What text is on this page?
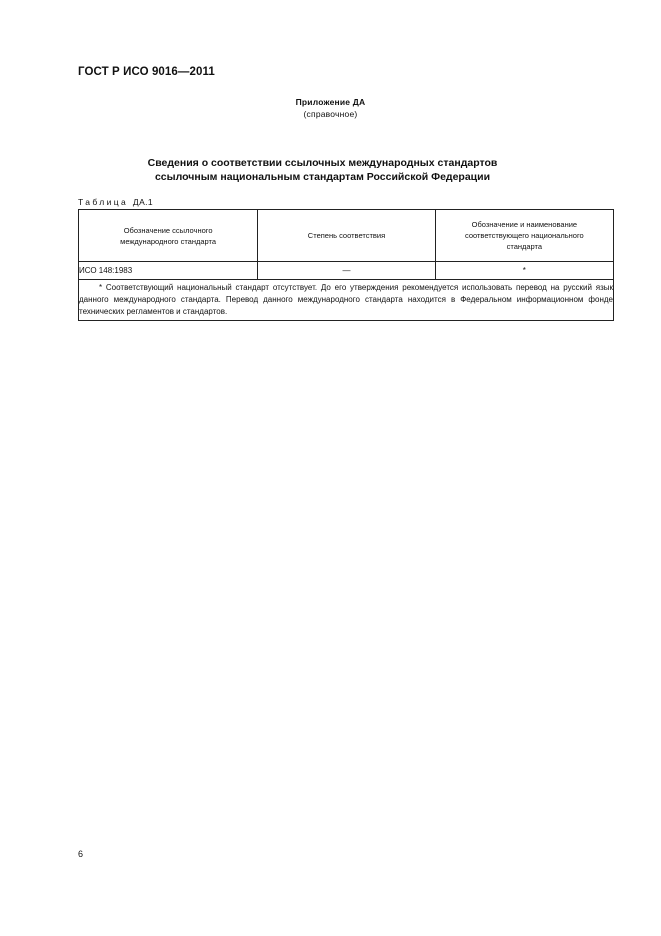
ГОСТ Р ИСО 9016—2011
Приложение ДА
(справочное)
Сведения о соответствии ссылочных международных стандартов
ссылочным национальным стандартам Российской Федерации
Таблица ДА.1
Обозначение ссылочного международного стандарта	Степень соответствия	Обозначение и наименование соответствующего национального стандарта
ИСО 148:1983	—	*
* Соответствующий национальный стандарт отсутствует. До его утверждения рекомендуется использовать перевод на русский язык данного международного стандарта. Перевод данного международного стандарта находится в Федеральном информационном фонде технических регламентов и стандартов.		
6
